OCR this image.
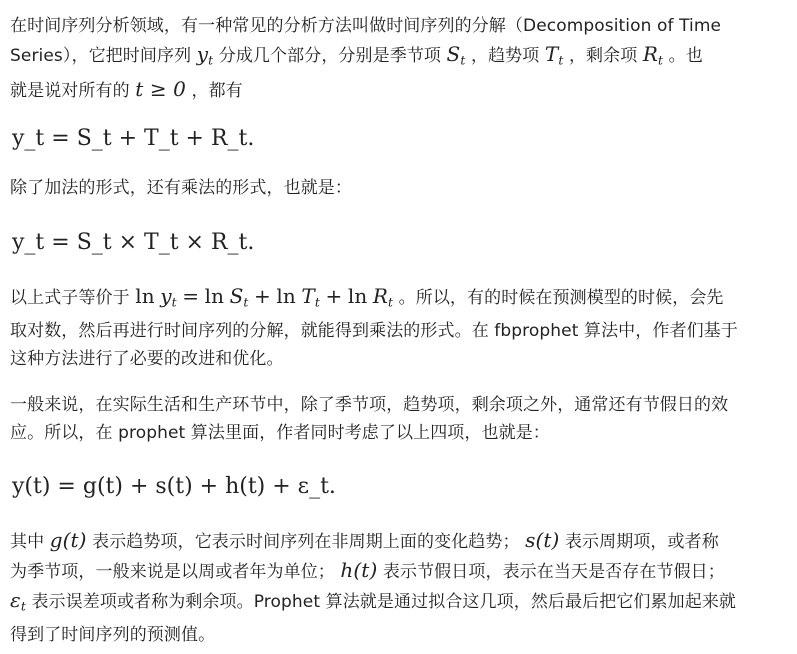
在时间序列分析领域，有一种常见的分析方法叫做时间序列的分解（Decomposition of Time
Series），它把时间序列 $y_t$ 分成几个部分，分别是季节项 $S_t$ ，趋势项 $T_t$ ，剩余项 $R_t$ 。也
就是说对所有的 t ≥ 0 ，都有
y_t = S_t + T_t + R_t.
除了加法的形式，还有乘法的形式，也就是：
y_t = S_t × T_t × R_t.
以上式子等价于 $\ln y_t = \ln S_t + \ln T_t + \ln R_t$ 。所以，有的时候在预测模型的时候，会先
取对数，然后再进行时间序列的分解，就能得到乘法的形式。在 fbprophet 算法中，作者们基于
这种方法进行了必要的改进和优化。
一般来说，在实际生活和生产环节中，除了季节项，趋势项，剩余项之外，通常还有节假日的效
应。所以，在 prophet 算法里面，作者同时考虑了以上四项，也就是：
y(t) = g(t) + s(t) + h(t) + ε_t.
其中 g(t) 表示趋势项，它表示时间序列在非周期上面的变化趋势； s(t) 表示周期项，或者称
为季节项，一般来说是以周或者年为单位； h(t) 表示节假日项，表示在当天是否存在节假日；
$\varepsilon_t$ 表示误差项或者称为剩余项。Prophet 算法就是通过拟合这几项，然后最后把它们累加起来就
得到了时间序列的预测值。
